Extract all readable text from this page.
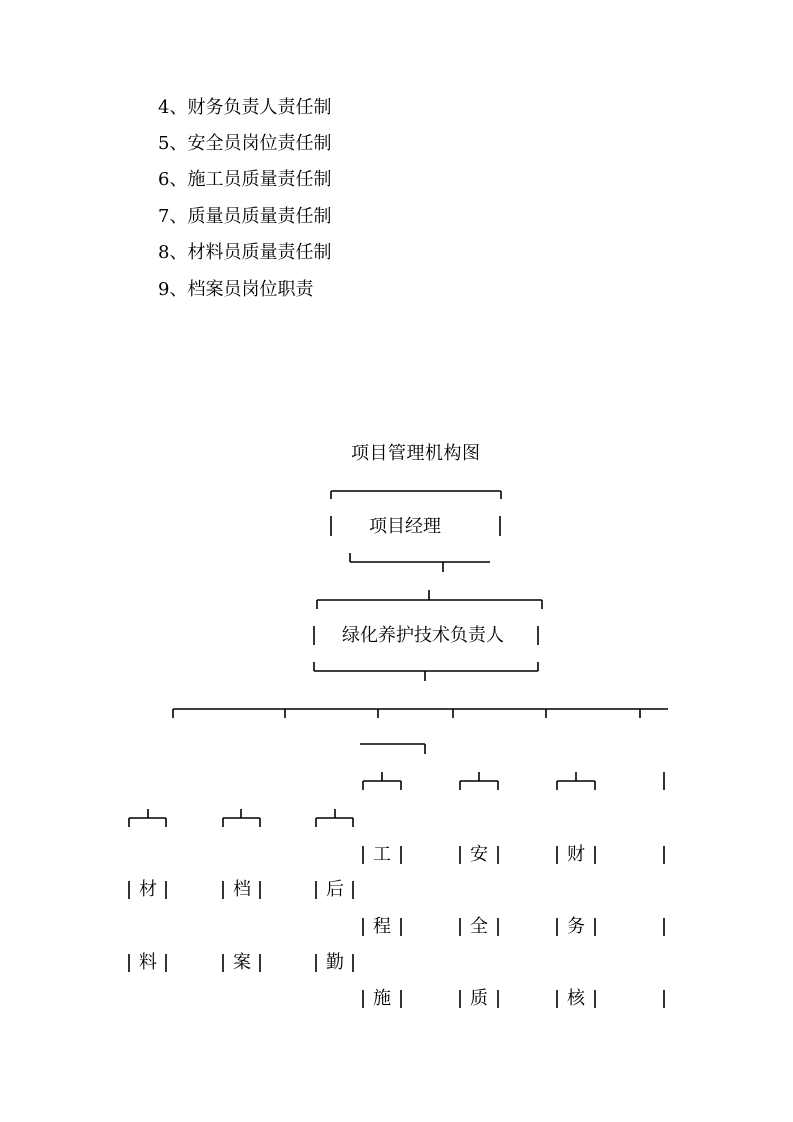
4、财务负责人责任制
5、安全员岗位责任制
6、施工员质量责任制
7、质量员质量责任制
8、材料员质量责任制
9、档案员岗位职责
项目管理机构图
项目经理
绿化养护技术负责人
工
程
施
安
全
质
财
务
核
材
料
档
案
后
勤
